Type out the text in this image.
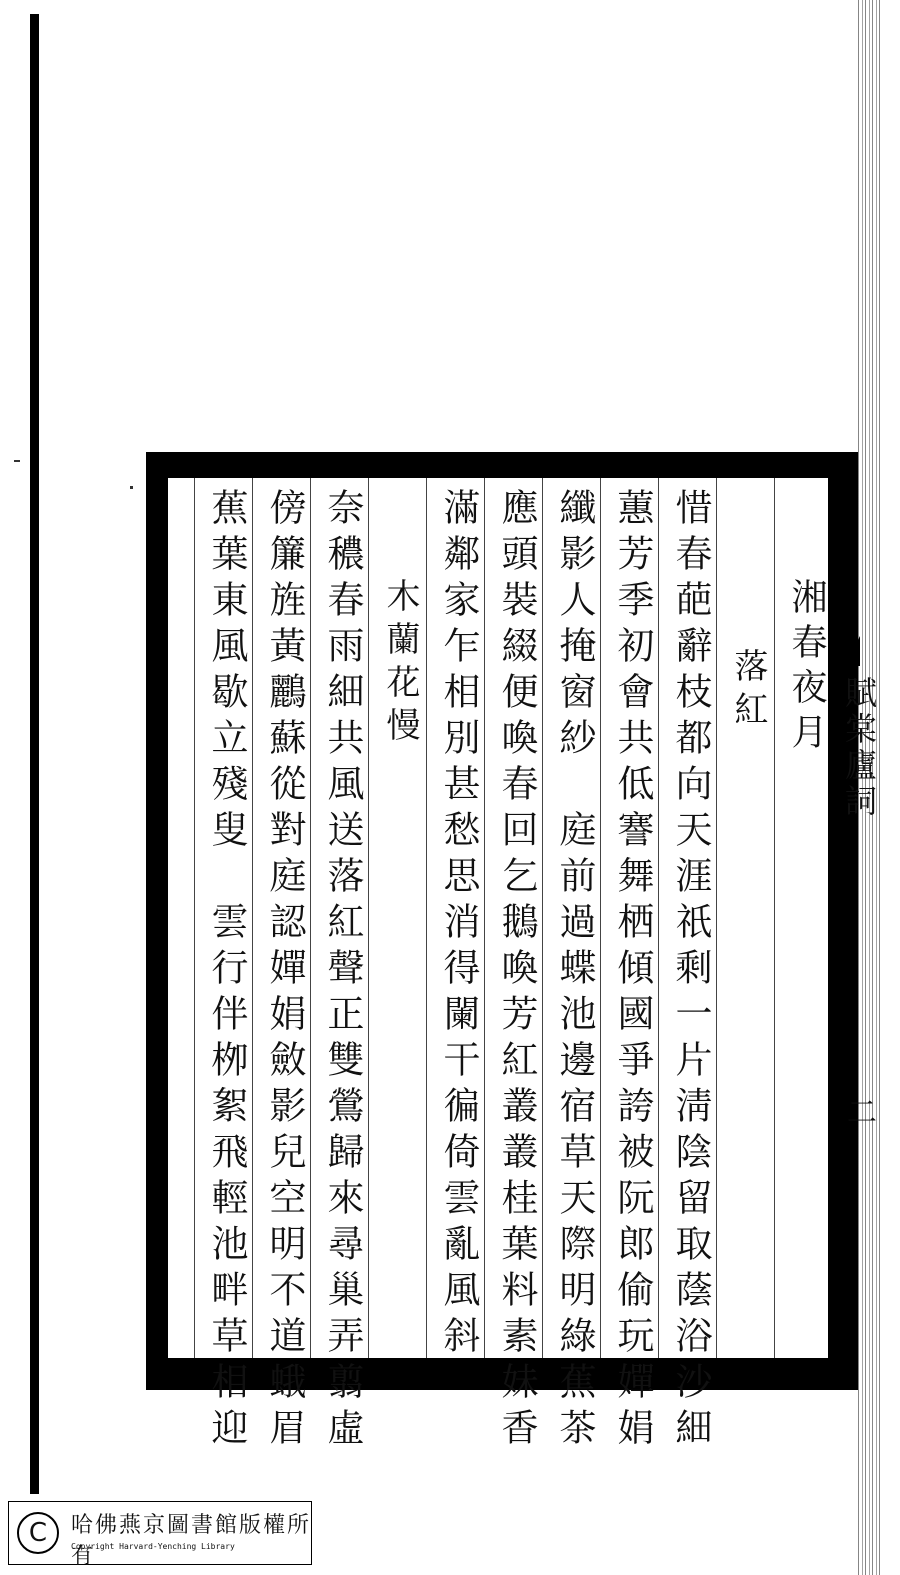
湘春夜月
落紅
惜春葩辭枝都向天涯祇剩一片淸陰留取蔭浴沙細
蕙芳季初會共低謇舞栖傾國爭誇被阮郎偷玩嬋娟
纖影人掩窗紗　庭前過蝶池邊宿草天際明綠蕉茶
應頭裝綴便喚春回乞鵝喚芳紅叢叢桂葉料素妹香
滿鄰家乍相別甚愁思消得闌干徧倚雲亂風斜
木蘭花慢
奈穠春雨細共風送落紅聲正雙鶯歸來尋巢弄翦虛
傍簾旌黃鸝蘇從對庭認嬋娟斂影兒空明不道蛾眉
蕉葉東風歇立殘叟　雲行伴栁絮飛輕池畔草相迎	賦棠廬詞
二
C	哈佛燕京圖書館版權所有
Copyright Harvard-Yenching Library
